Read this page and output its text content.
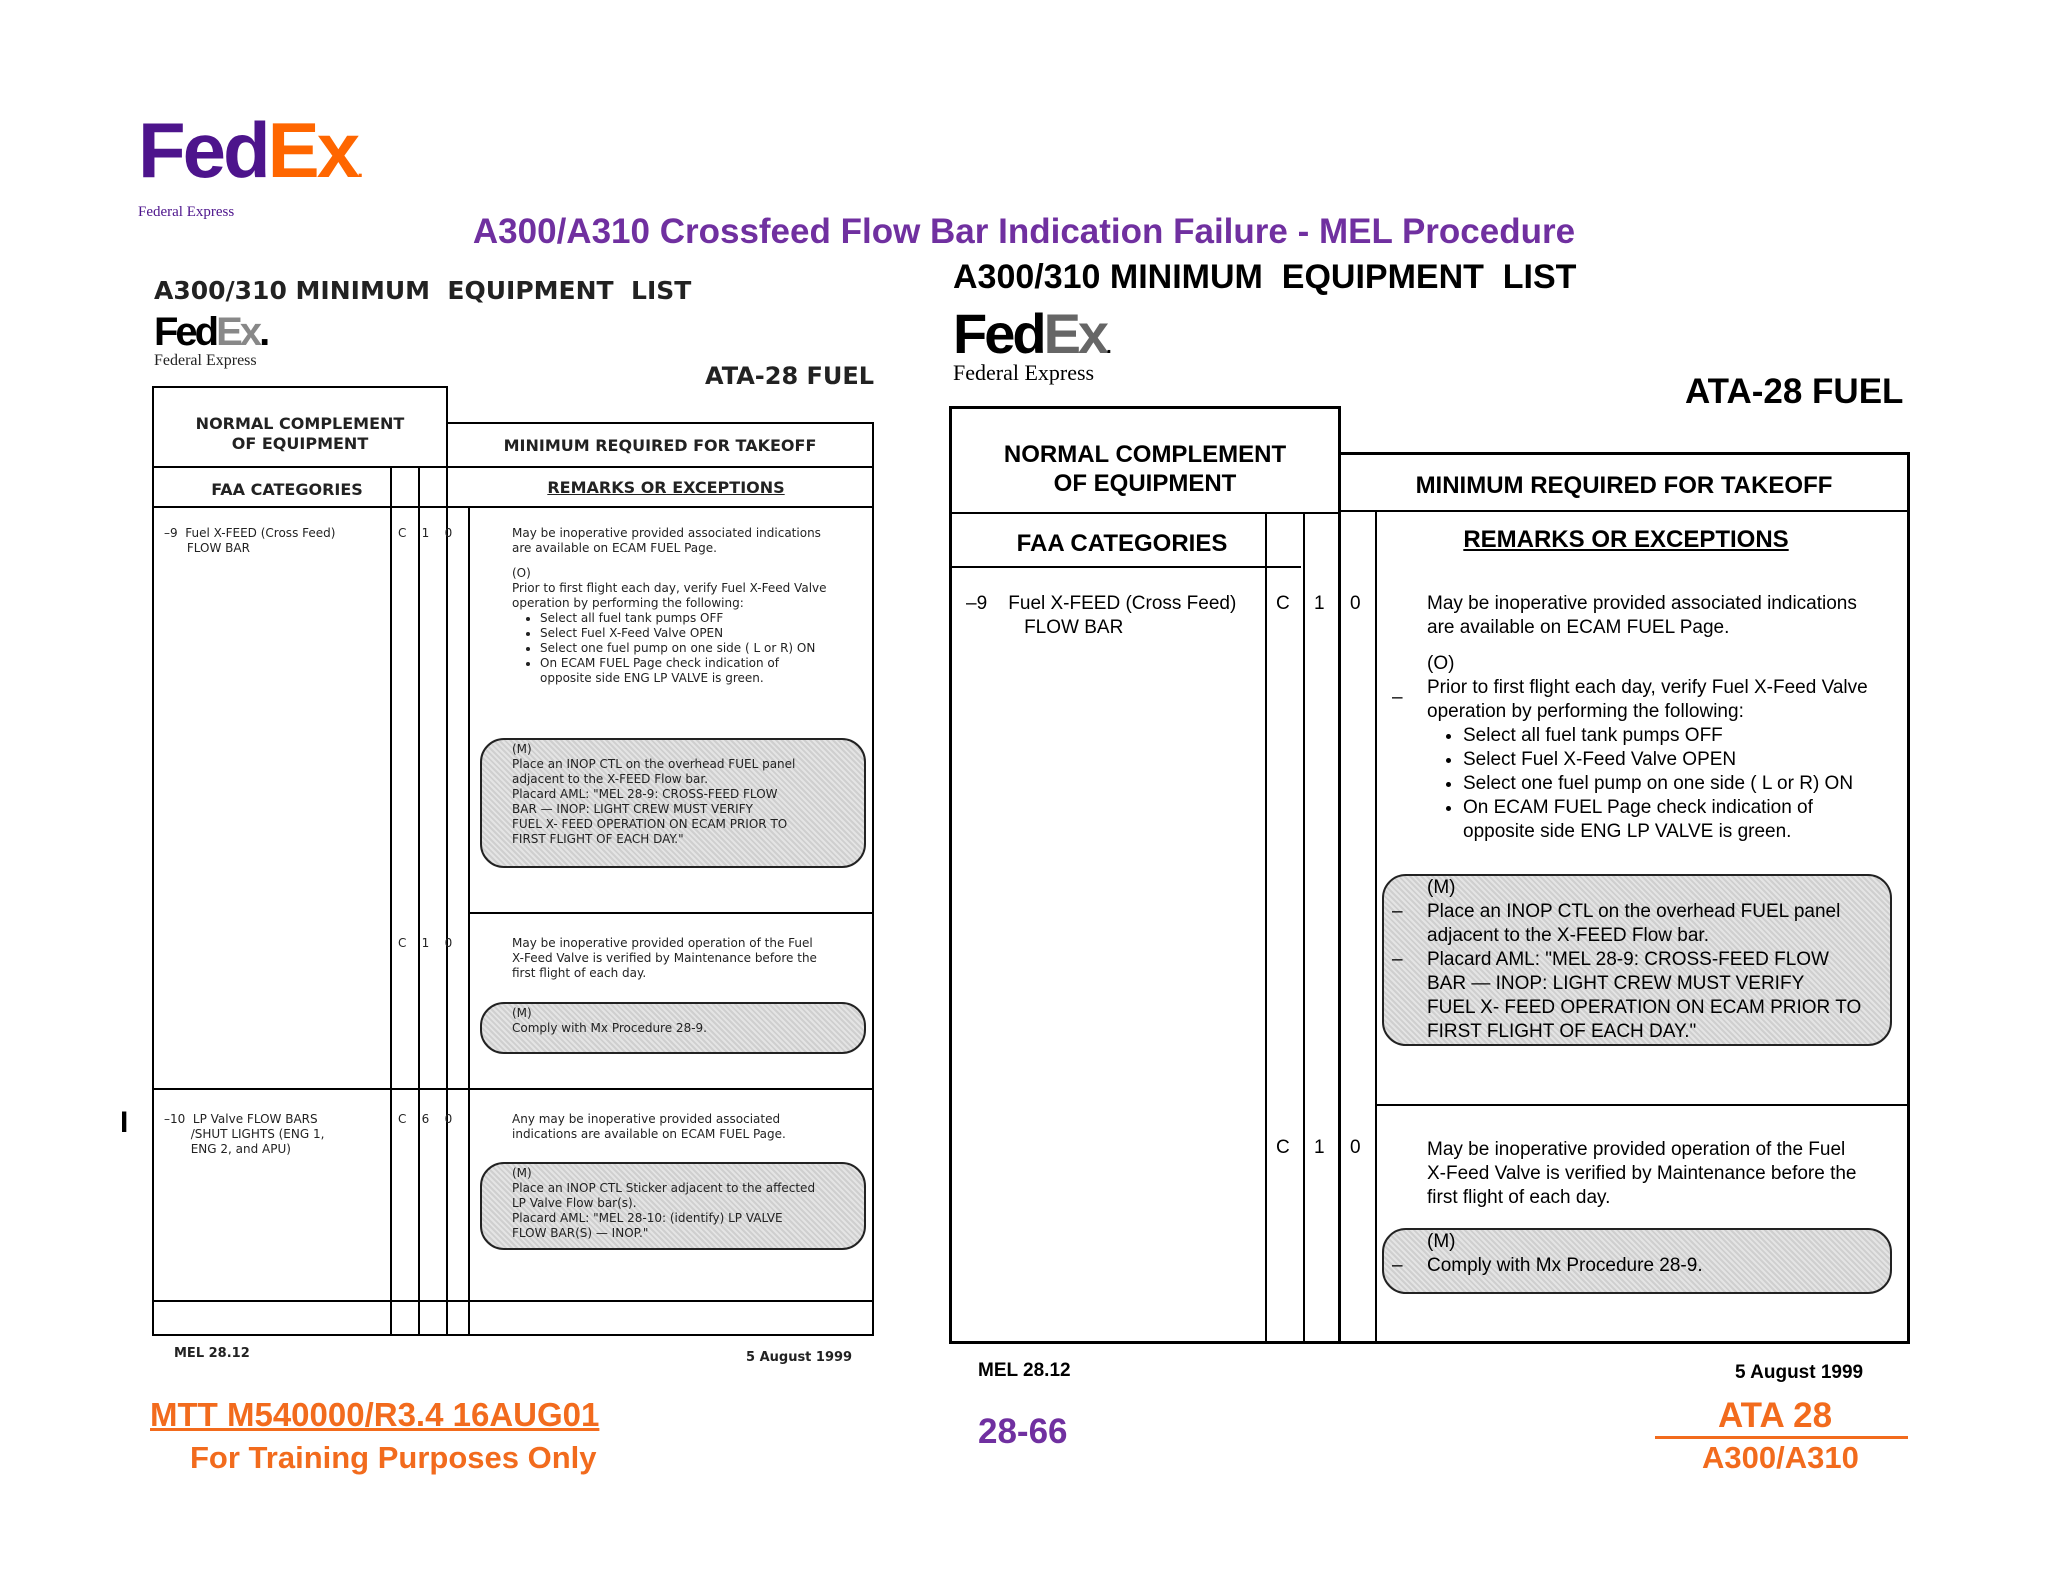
FedEx.
Federal Express	A300/A310 Crossfeed Flow Bar Indication Failure - MEL Procedure
A300/310 MINIMUM  EQUIPMENT  LIST
FedEx.
Federal Express
ATA-28 FUEL
NORMAL COMPLEMENT
OF EQUIPMENT	MINIMUM REQUIRED FOR TAKEOFF
FAA CATEGORIES	REMARKS OR EXCEPTIONS
–9 Fuel X-FEED (Cross Feed)
FLOW BAR
C 1 0	May be inoperative provided associated indications
are available on ECAM FUEL Page.
(O)
Prior to first flight each day, verify Fuel X-Feed Valve
operation by performing the following:
• Select all fuel tank pumps OFF
• Select Fuel X-Feed Valve OPEN
• Select one fuel pump on one side ( L or R) ON
• On ECAM FUEL Page check indication of
opposite side ENG LP VALVE is green.
(M)
Place an INOP CTL on the overhead FUEL panel
adjacent to the X-FEED Flow bar.
Placard AML: "MEL 28-9: CROSS-FEED FLOW
BAR — INOP: LIGHT CREW MUST VERIFY
FUEL X- FEED OPERATION ON ECAM PRIOR TO
FIRST FLIGHT OF EACH DAY."
C 1 0	May be inoperative provided operation of the Fuel
X-Feed Valve is verified by Maintenance before the
first flight of each day.
(M)
Comply with Mx Procedure 28-9.
–10 LP Valve FLOW BARS
/SHUT LIGHTS (ENG 1,
ENG 2, and APU)
C 6 0	Any may be inoperative provided associated
indications are available on ECAM FUEL Page.
(M)
Place an INOP CTL Sticker adjacent to the affected
LP Valve Flow bar(s).
Placard AML: "MEL 28-10: (identify) LP VALVE
FLOW BAR(S) — INOP."
MEL 28.12	5 August 1999
I
A300/310 MINIMUM  EQUIPMENT  LIST
FedEx.
Federal Express	ATA-28 FUEL
NORMAL COMPLEMENT
OF EQUIPMENT	MINIMUM REQUIRED FOR TAKEOFF
FAA CATEGORIES	REMARKS OR EXCEPTIONS
–9 Fuel X-FEED (Cross Feed)
FLOW BAR
C 1 0	May be inoperative provided associated indications
are available on ECAM FUEL Page.
(O)
Prior to first flight each day, verify Fuel X-Feed Valve
operation by performing the following:
• Select all fuel tank pumps OFF
• Select Fuel X-Feed Valve OPEN
• Select one fuel pump on one side ( L or R) ON
• On ECAM FUEL Page check indication of
opposite side ENG LP VALVE is green.
–
(M)
Place an INOP CTL on the overhead FUEL panel
adjacent to the X-FEED Flow bar.
Placard AML: "MEL 28-9: CROSS-FEED FLOW
BAR — INOP: LIGHT CREW MUST VERIFY
FUEL X- FEED OPERATION ON ECAM PRIOR TO
FIRST FLIGHT OF EACH DAY."
–
–
C 1 0	May be inoperative provided operation of the Fuel
X-Feed Valve is verified by Maintenance before the
first flight of each day.
(M)
Comply with Mx Procedure 28-9.
–
MEL 28.12	5 August 1999
MTT M540000/R3.4 16AUG01
For Training Purposes Only
28-66	ATA 28
A300/A310
